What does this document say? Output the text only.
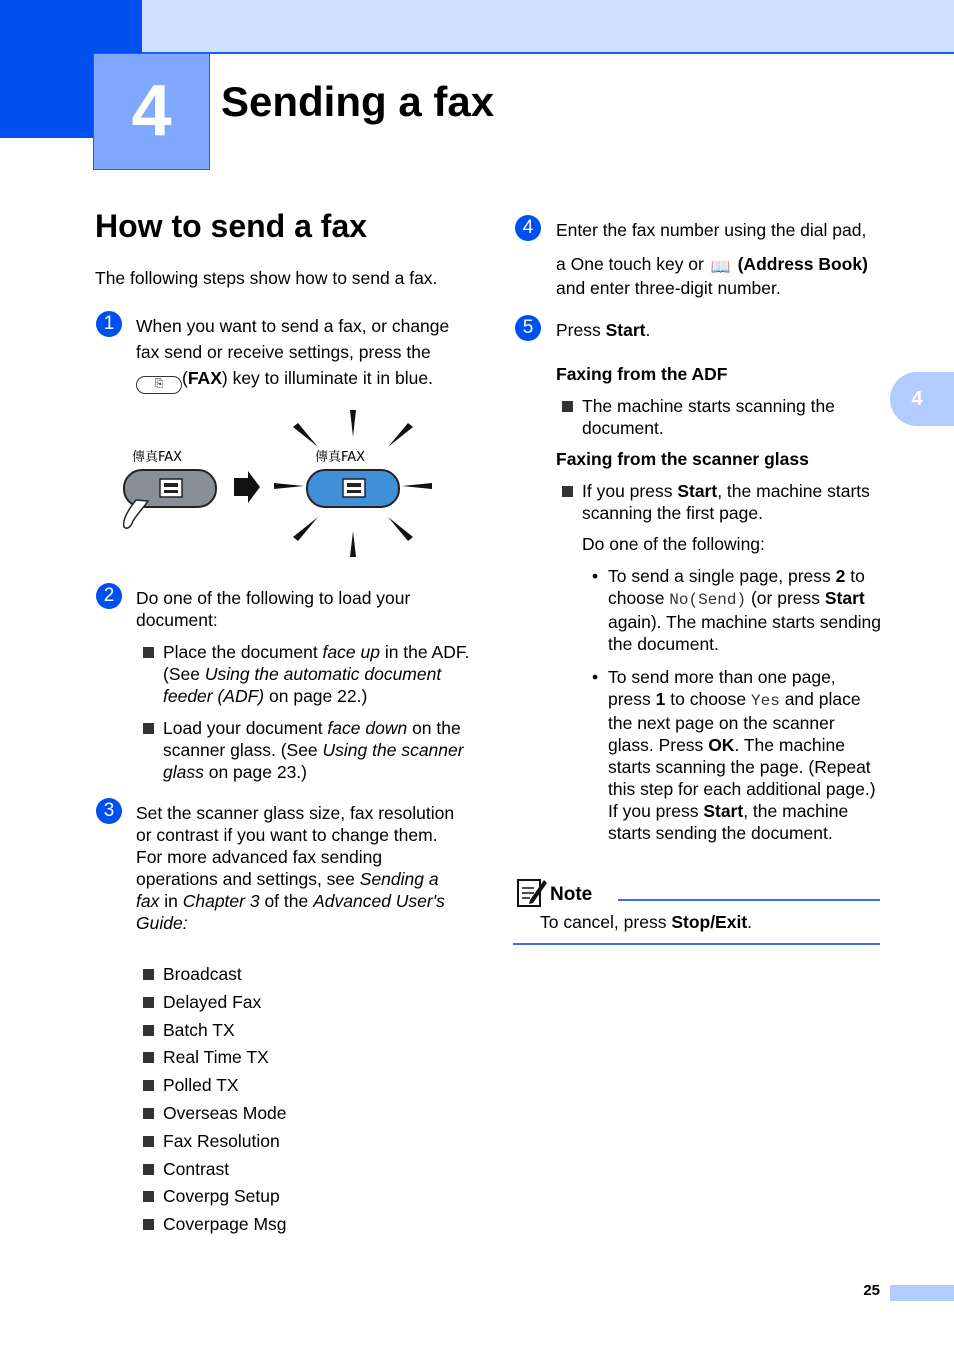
4	Sending a fax
4
How to send a fax
The following steps show how to send a fax.
1	When you want to send a fax, or change
fax send or receive settings, press the
⎘ (FAX) key to illuminate it in blue.
傳真FAX	傳真FAX
2	Do one of the following to load your document:
Place the document face up in the ADF. (See Using the automatic document feeder (ADF) on page 22.)
Load your document face down on the scanner glass. (See Using the scanner glass on page 23.)
3	Set the scanner glass size, fax resolution or contrast if you want to change them.
For more advanced fax sending operations and settings, see Sending a fax in Chapter 3 of the Advanced User's Guide:
Broadcast
Delayed Fax
Batch TX
Real Time TX
Polled TX
Overseas Mode
Fax Resolution
Contrast
Coverpg Setup
Coverpage Msg
4	Enter the fax number using the dial pad,
a One touch key or 📖 (Address Book)
and enter three-digit number.
5	Press Start.
Faxing from the ADF
The machine starts scanning the document.
Faxing from the scanner glass
If you press Start, the machine starts scanning the first page.
Do one of the following:
• To send a single page, press 2 to choose No(Send) (or press Start again). The machine starts sending the document.
• To send more than one page, press 1 to choose Yes and place the next page on the scanner glass. Press OK. The machine starts scanning the page. (Repeat this step for each additional page.)
If you press Start, the machine starts sending the document.
Note
To cancel, press Stop/Exit.
25
